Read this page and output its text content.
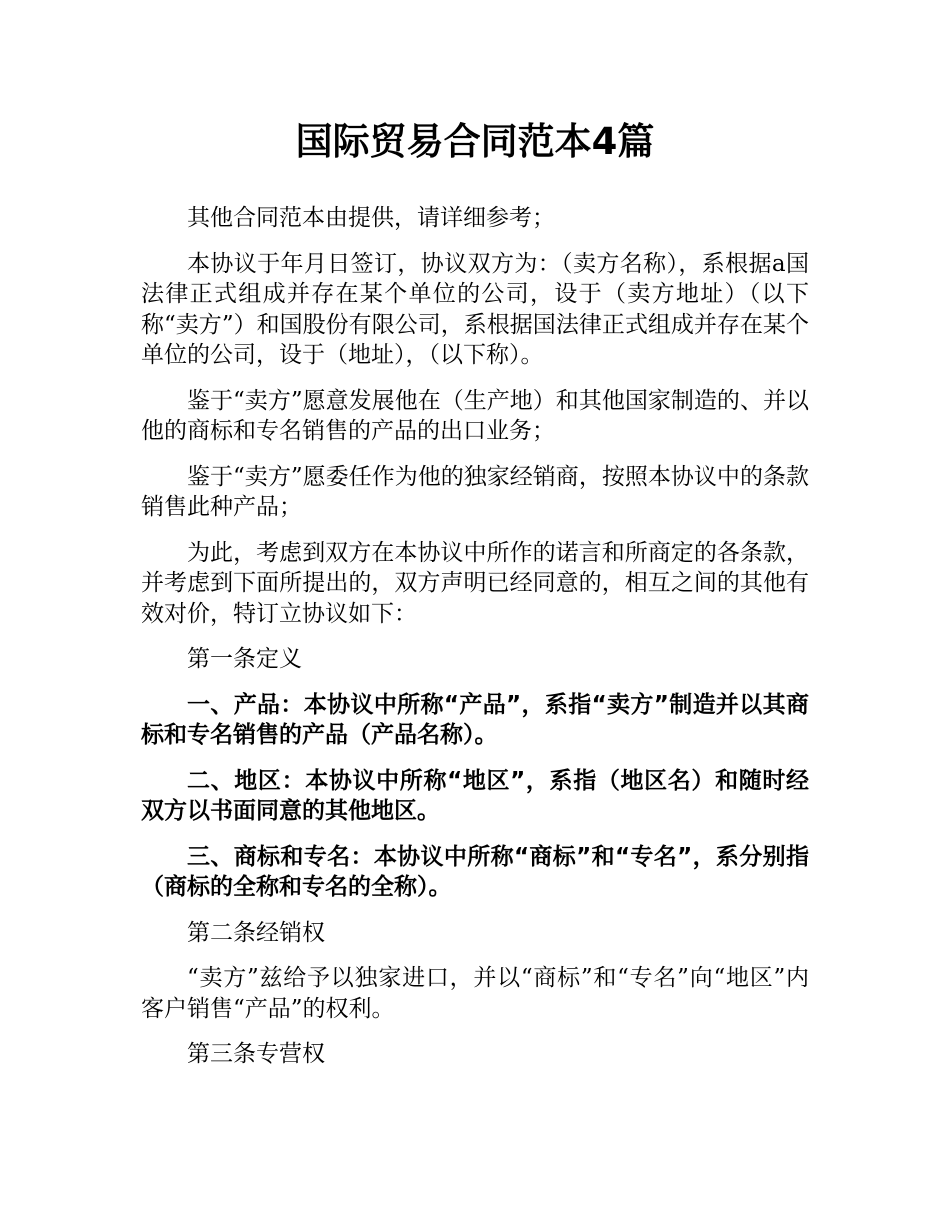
国际贸易合同范本4篇

其他合同范本由提供，请详细参考；

本协议于年月日签订，协议双方为：（卖方名称），系根据a国法律正式组成并存在某个单位的公司，设于（卖方地址）（以下称“卖方”）和国股份有限公司，系根据国法律正式组成并存在某个单位的公司，设于（地址），（以下称）。

鉴于“卖方”愿意发展他在（生产地）和其他国家制造的、并以他的商标和专名销售的产品的出口业务；

鉴于“卖方”愿委任作为他的独家经销商，按照本协议中的条款销售此种产品；

为此，考虑到双方在本协议中所作的诺言和所商定的各条款，并考虑到下面所提出的，双方声明已经同意的，相互之间的其他有效对价，特订立协议如下：

第一条定义

一、产品：本协议中所称“产品”，系指“卖方”制造并以其商标和专名销售的产品（产品名称）。

二、地区：本协议中所称“地区”，系指（地区名）和随时经双方以书面同意的其他地区。

三、商标和专名：本协议中所称“商标”和“专名”，系分别指（商标的全称和专名的全称）。

第二条经销权

“卖方”兹给予以独家进口，并以“商标”和“专名”向“地区”内客户销售“产品”的权利。

第三条专营权
